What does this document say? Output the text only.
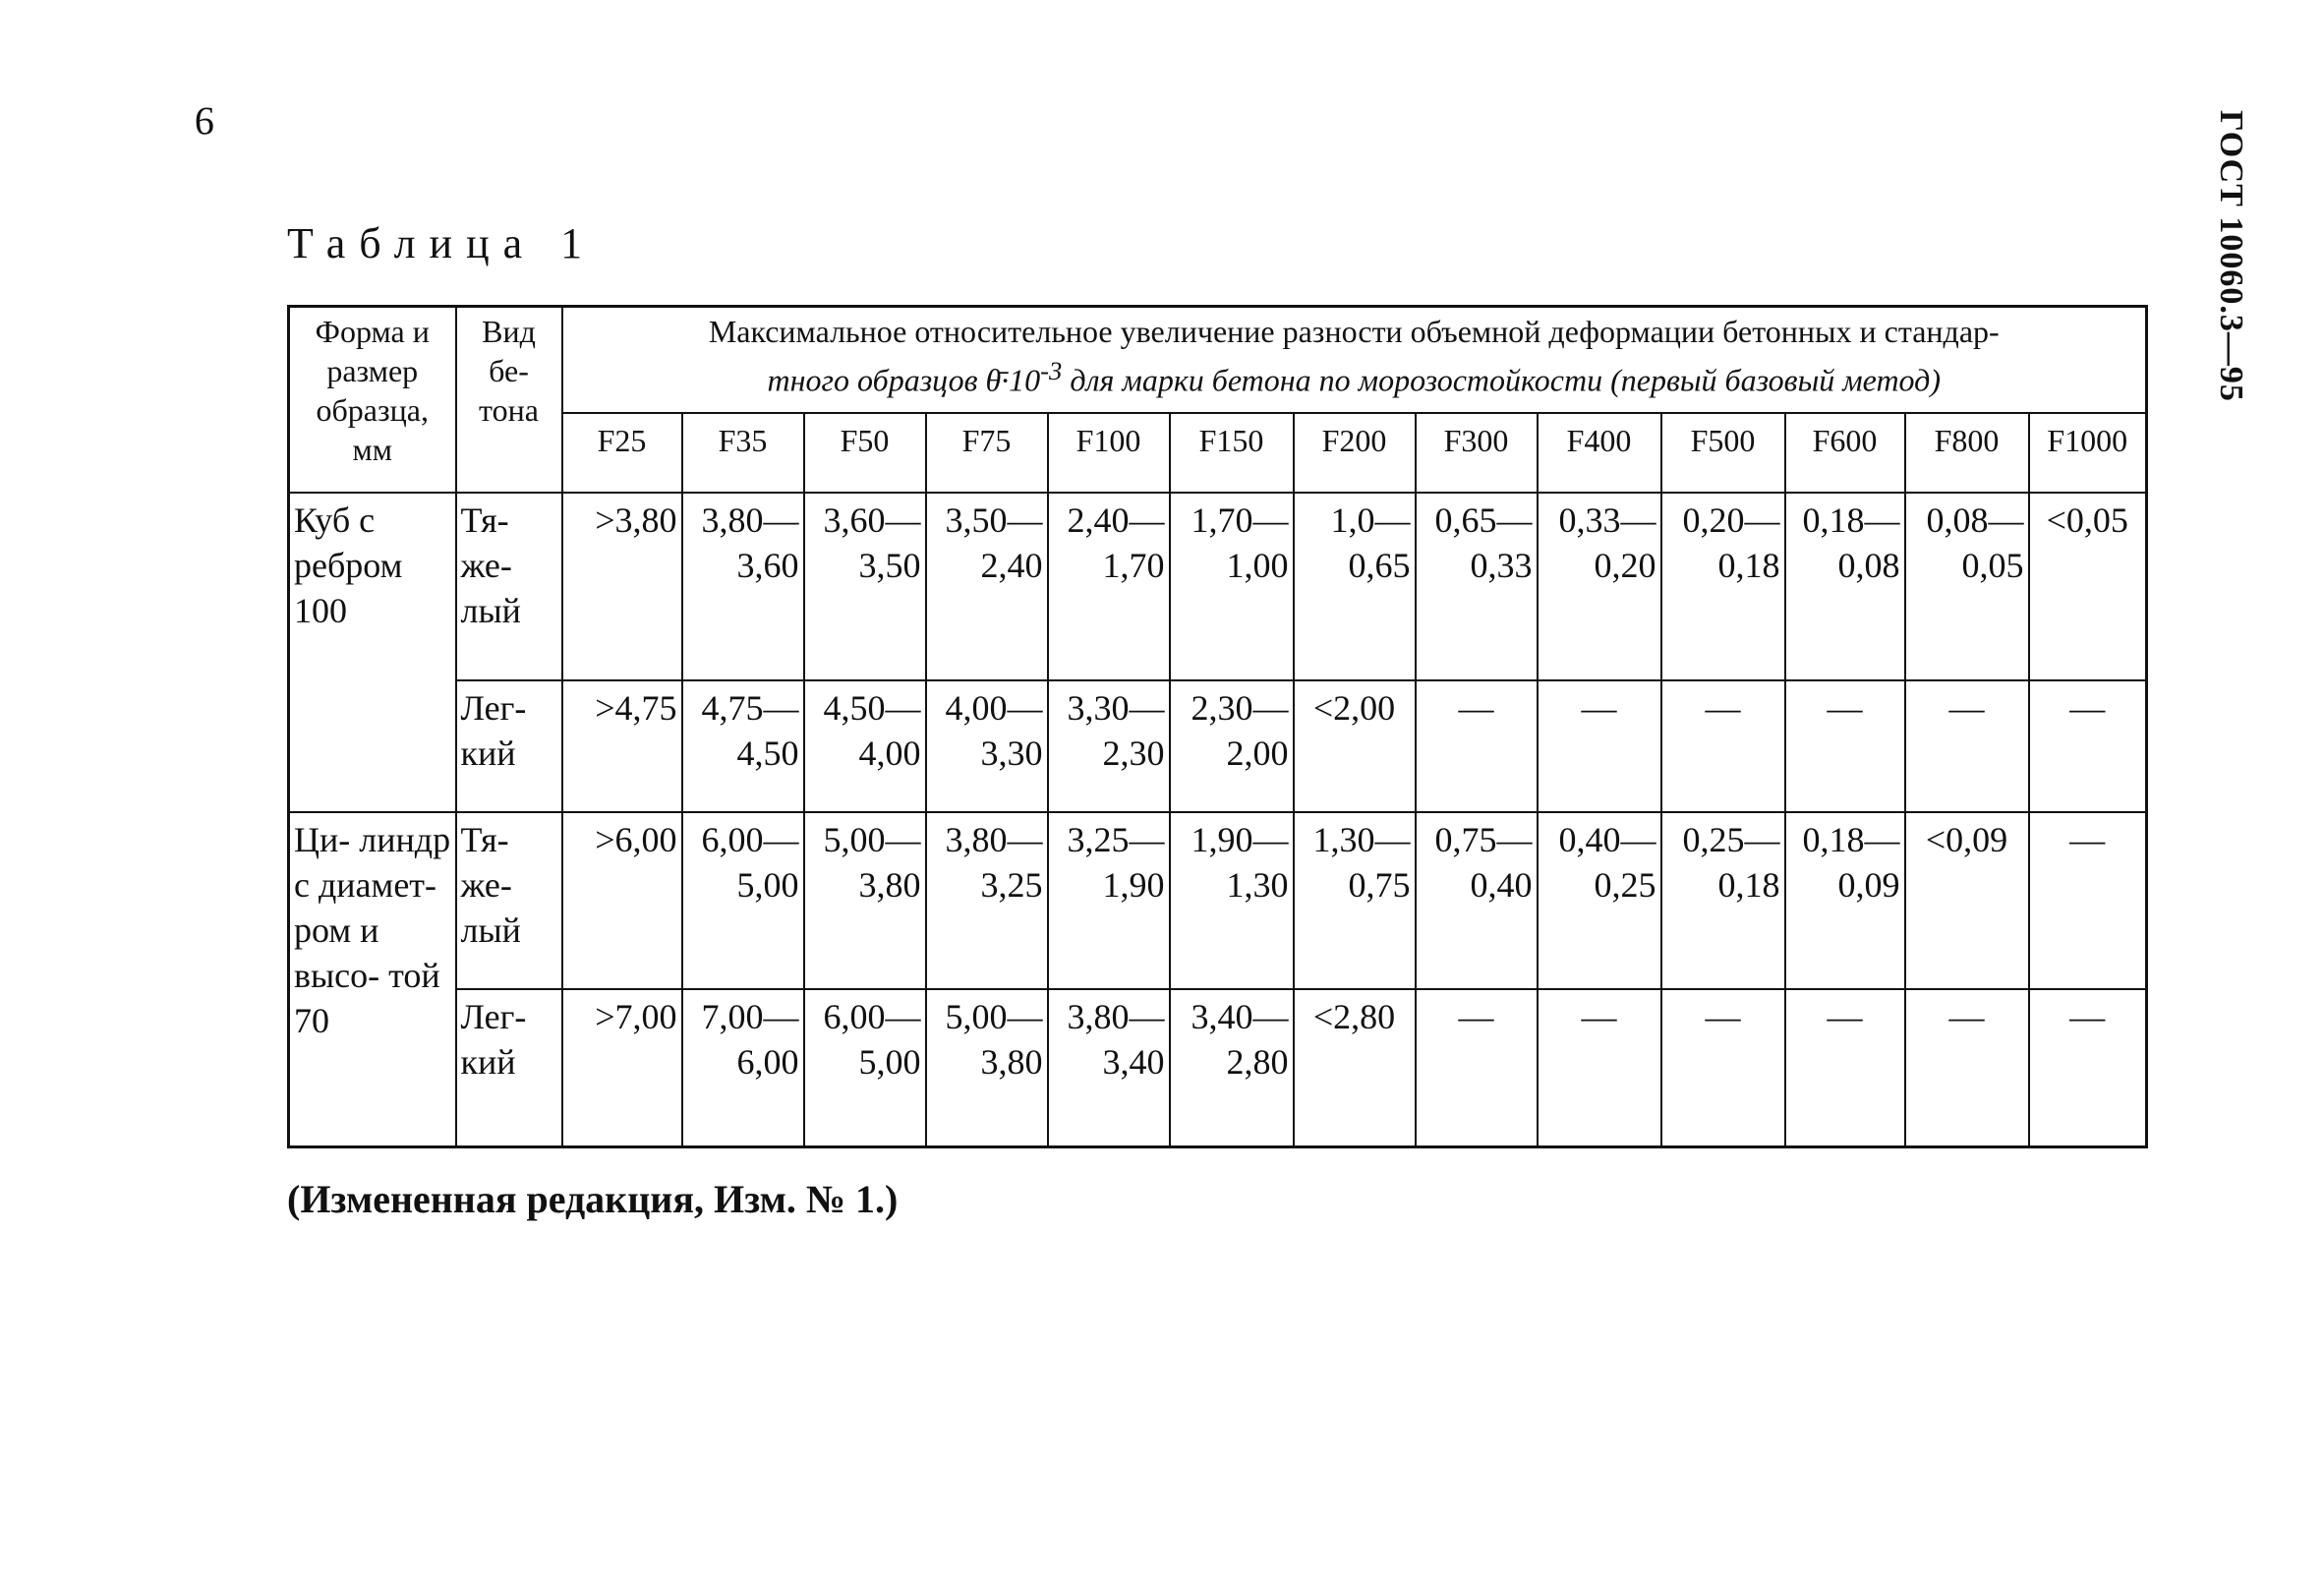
9	ГОСТ 10060.3—95
Таблица 1
Форма и размер образца, мм	Вид бе- тона	Максимальное относительное увеличение разности объемной деформации бетонных и стандар-
тного образцов $\thetā\cdot 10^{-3}$ для марки бетона по морозостойкости (первый базовый метод)												
		F25	F35	F50	F75	F100	F150	F200	F300	F400	F500	F600	F800	F1000
Куб с ребром 100	Тя- же- лый	>3,80	3,80— 3,60	3,60— 3,50	3,50— 2,40	2,40— 1,70	1,70— 1,00	1,0— 0,65	0,65— 0,33	0,33— 0,20	0,20— 0,18	0,18— 0,08	0,08— 0,05	<0,05
	Лег- кий	>4,75	4,75— 4,50	4,50— 4,00	4,00— 3,30	3,30— 2,30	2,30— 2,00	<2,00	—	—	—	—	—	—
Ци- линдр с диамет- ром и высо- той 70	Тя- же- лый	>6,00	6,00— 5,00	5,00— 3,80	3,80— 3,25	3,25— 1,90	1,90— 1,30	1,30— 0,75	0,75— 0,40	0,40— 0,25	0,25— 0,18	0,18— 0,09	<0,09	—
	Лег- кий	>7,00	7,00— 6,00	6,00— 5,00	5,00— 3,80	3,80— 3,40	3,40— 2,80	<2,80	—	—	—	—	—	—
(Измененная редакция, Изм. № 1.)
